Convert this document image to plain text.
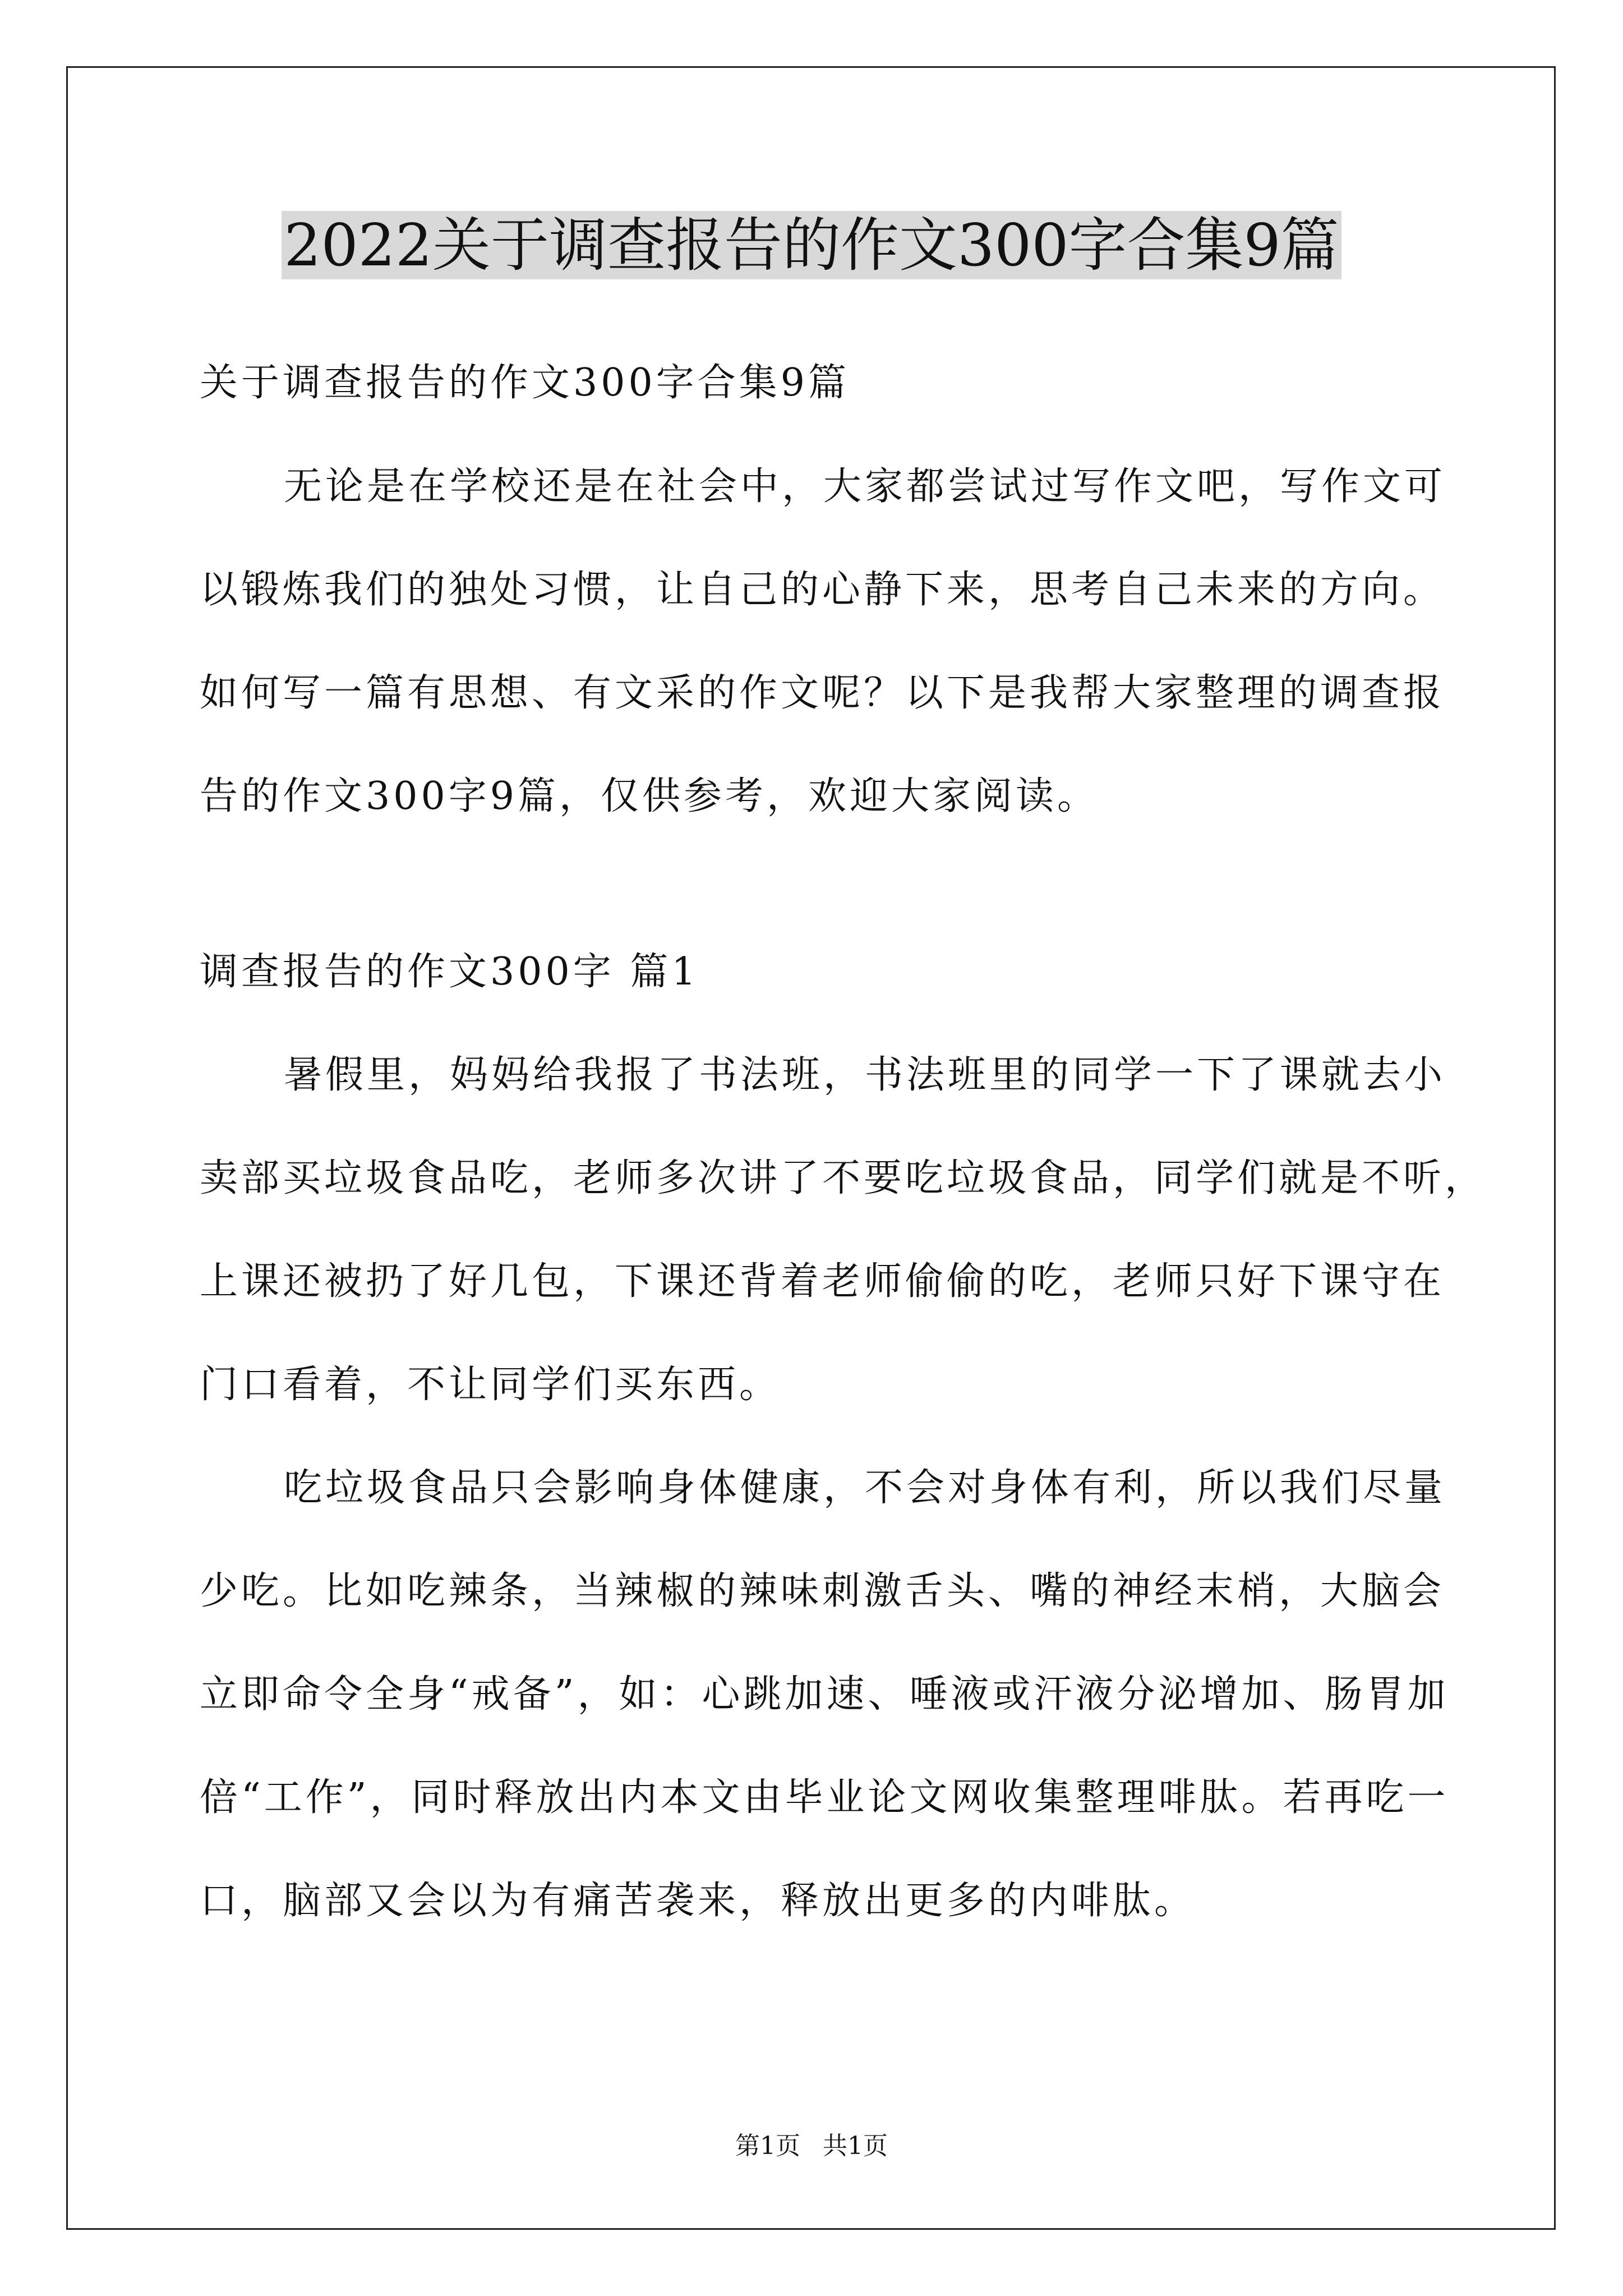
2022关于调查报告的作文300字合集9篇
关于调查报告的作文300字合集9篇
无论是在学校还是在社会中，大家都尝试过写作文吧，写作文可
以锻炼我们的独处习惯，让自己的心静下来，思考自己未来的方向。
如何写一篇有思想、有文采的作文呢？以下是我帮大家整理的调查报
告的作文300字9篇，仅供参考，欢迎大家阅读。
调查报告的作文300字 篇1
暑假里，妈妈给我报了书法班，书法班里的同学一下了课就去小
卖部买垃圾食品吃，老师多次讲了不要吃垃圾食品，同学们就是不听，
上课还被扔了好几包，下课还背着老师偷偷的吃，老师只好下课守在
门口看着，不让同学们买东西。
吃垃圾食品只会影响身体健康，不会对身体有利，所以我们尽量
少吃。比如吃辣条，当辣椒的辣味刺激舌头、嘴的神经末梢，大脑会
立即命令全身“戒备”，如：心跳加速、唾液或汗液分泌增加、肠胃加
倍“工作”，同时释放出内本文由毕业论文网收集整理啡肽。若再吃一
口，脑部又会以为有痛苦袭来，释放出更多的内啡肽。
第1页 共1页
